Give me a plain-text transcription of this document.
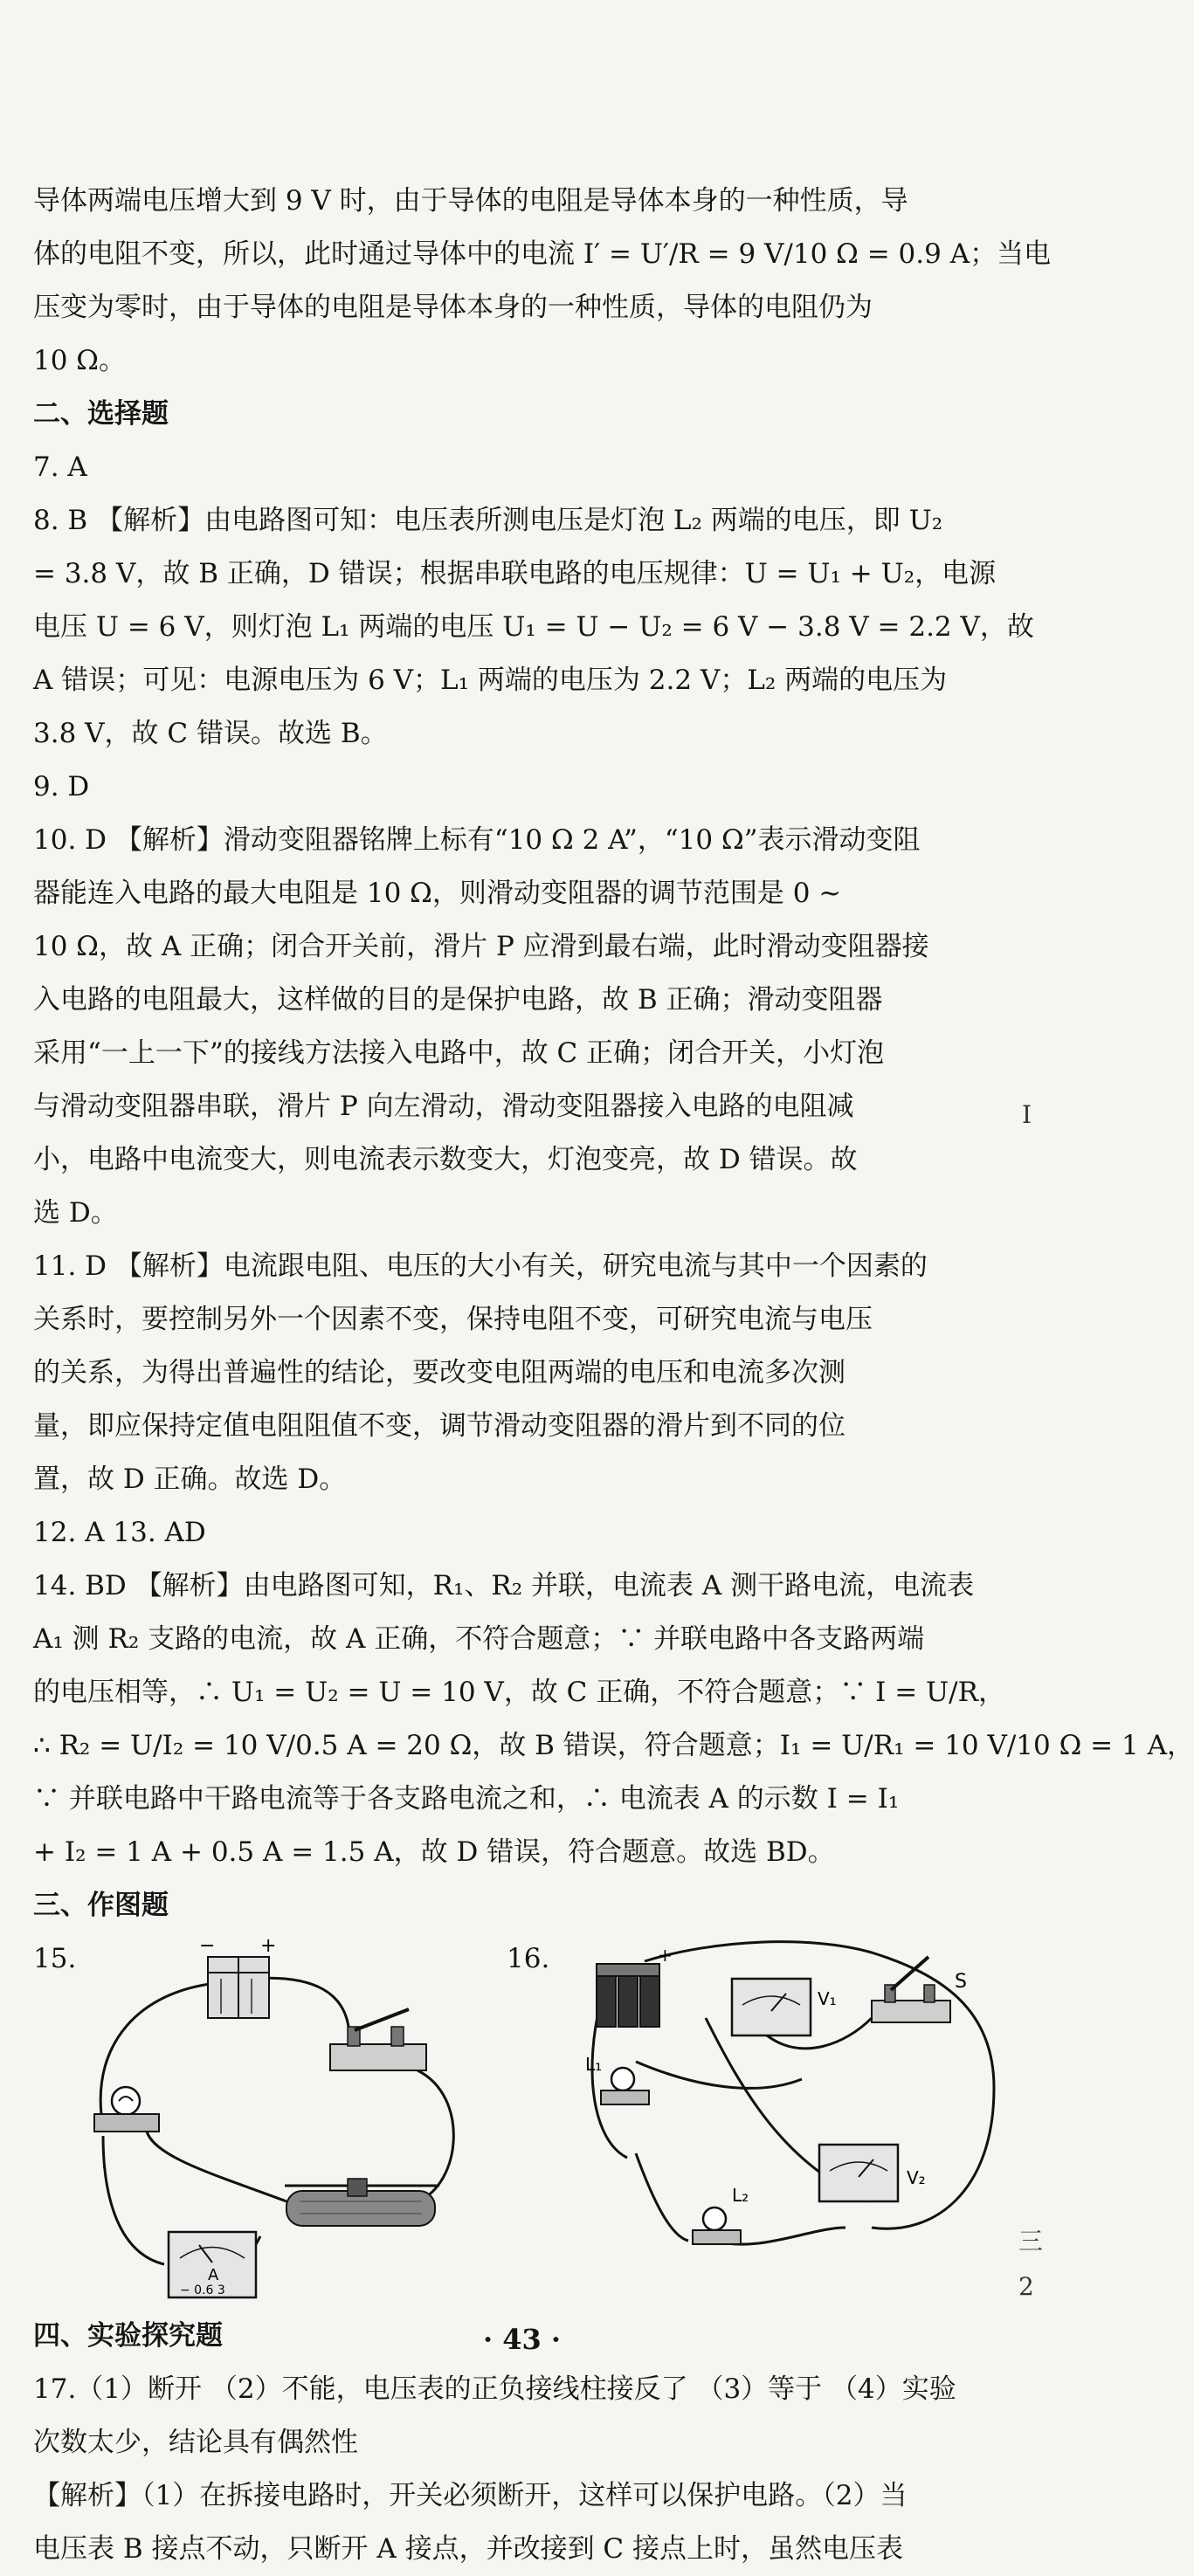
导体两端电压增大到 9 V 时，由于导体的电阻是导体本身的一种性质，导
体的电阻不变，所以，此时通过导体中的电流 I′ = U′/R = 9 V/10 Ω = 0.9 A；当电
压变为零时，由于导体的电阻是导体本身的一种性质，导体的电阻仍为
10 Ω。
二、选择题
7. A
8. B 【解析】由电路图可知：电压表所测电压是灯泡 L₂ 两端的电压，即 U₂
= 3.8 V，故 B 正确，D 错误；根据串联电路的电压规律：U = U₁ + U₂，电源
电压 U = 6 V，则灯泡 L₁ 两端的电压 U₁ = U − U₂ = 6 V − 3.8 V = 2.2 V，故
A 错误；可见：电源电压为 6 V；L₁ 两端的电压为 2.2 V；L₂ 两端的电压为
3.8 V，故 C 错误。故选 B。
9. D
10. D 【解析】滑动变阻器铭牌上标有“10 Ω 2 A”，“10 Ω”表示滑动变阻
器能连入电路的最大电阻是 10 Ω，则滑动变阻器的调节范围是 0 ~
10 Ω，故 A 正确；闭合开关前，滑片 P 应滑到最右端，此时滑动变阻器接
入电路的电阻最大，这样做的目的是保护电路，故 B 正确；滑动变阻器
采用“一上一下”的接线方法接入电路中，故 C 正确；闭合开关，小灯泡
与滑动变阻器串联，滑片 P 向左滑动，滑动变阻器接入电路的电阻减
小，电路中电流变大，则电流表示数变大，灯泡变亮，故 D 错误。故
选 D。
11. D 【解析】电流跟电阻、电压的大小有关，研究电流与其中一个因素的
关系时，要控制另外一个因素不变，保持电阻不变，可研究电流与电压
的关系，为得出普遍性的结论，要改变电阻两端的电压和电流多次测
量，即应保持定值电阻阻值不变，调节滑动变阻器的滑片到不同的位
置，故 D 正确。故选 D。
12. A 13. AD
14. BD 【解析】由电路图可知，R₁、R₂ 并联，电流表 A 测干路电流，电流表
A₁ 测 R₂ 支路的电流，故 A 正确，不符合题意；∵ 并联电路中各支路两端
的电压相等，∴ U₁ = U₂ = U = 10 V，故 C 正确，不符合题意；∵ I = U/R，
∴ R₂ = U/I₂ = 10 V/0.5 A = 20 Ω，故 B 错误，符合题意；I₁ = U/R₁ = 10 V/10 Ω = 1 A，
∵ 并联电路中干路电流等于各支路电流之和，∴ 电流表 A 的示数 I = I₁
+ I₂ = 1 A + 0.5 A = 1.5 A，故 D 错误，符合题意。故选 BD。
三、作图题
15.	16.
− +
A
− 0.6 3
+
V₁
S
L₁
L₂
V₂
四、实验探究题
17.（1）断开 （2）不能，电压表的正负接线柱接反了 （3）等于 （4）实验
次数太少，结论具有偶然性
【解析】（1）在拆接电路时，开关必须断开，这样可以保护电路。（2）当
电压表 B 接点不动，只断开 A 接点，并改接到 C 接点上时，虽然电压表
· 43 ·
I
三
2
